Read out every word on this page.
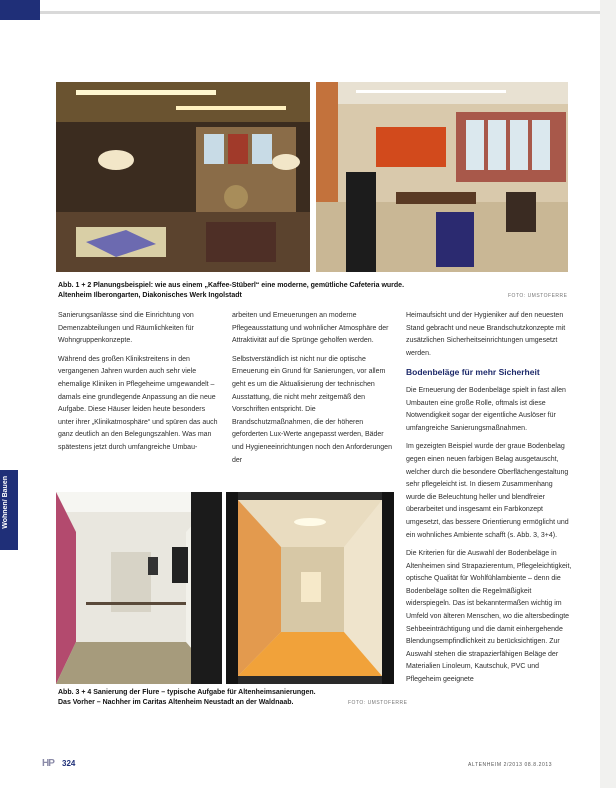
Abb. 1 + 2 Planungsbeispiel: wie aus einem „Kaffee-Stüberl“ eine moderne, gemütliche Cafeteria wurde.
Altenheim Ilberongarten, Diakonisches Werk Ingolstadt	FOTO: UMSTOFERRE

Sanierungsanlässe sind die Einrichtung von Demenzabteilungen und Räumlichkeiten für Wohngruppenkonzepte.

Während des großen Klinikstreitens in den vergangenen Jahren wurden auch sehr viele ehemalige Kliniken in Pflegeheime umgewandelt – damals eine grundlegende Anpassung an die neue Aufgabe. Diese Häuser leiden heute besonders unter ihrer „Klinikatmosphäre“ und spüren das auch ganz deutlich an den Belegungszahlen. Was man spätestens jetzt durch umfangreiche Umbau-

arbeiten und Erneuerungen an moderne Pflegeausstattung und wohnlicher Atmosphäre der Attraktivität auf die Sprünge geholfen werden.

Selbstverständlich ist nicht nur die optische Erneuerung ein Grund für Sanierungen, vor allem geht es um die Aktualisierung der technischen Ausstattung, die nicht mehr zeitgemäß den Vorschriften entspricht. Die Brandschutzmaßnahmen, die der höheren geforderten Lux-Werte angepasst werden, Bäder und Hygieneeinrichtungen noch den Anforderungen der

Heimaufsicht und der Hygieniker auf den neuesten Stand gebracht und neue Brandschutzkonzepte mit zusätzlichen Sicherheitseinrichtungen umgesetzt werden.

Bodenbeläge für mehr Sicherheit

Die Erneuerung der Bodenbeläge spielt in fast allen Umbauten eine große Rolle, oftmals ist diese Notwendigkeit sogar der eigentliche Auslöser für umfangreiche Sanierungsmaßnahmen.

Im gezeigten Beispiel wurde der graue Bodenbelag gegen einen neuen farbigen Belag ausgetauscht, welcher durch die besondere Oberflächengestaltung sehr pflegeleicht ist. In diesem Zusammenhang wurde die Beleuchtung heller und blendfreier überarbeitet und insgesamt ein Farbkonzept umgesetzt, das bessere Orientierung ermöglicht und ein wohnliches Ambiente schafft (s. Abb. 3, 3+4).

Die Kriterien für die Auswahl der Bodenbeläge in Altenheimen sind Strapazierentum, Pflegeleichtigkeit, optische Qualität für Wohlfühlambiente – denn die Bodenbeläge sollten die Regelmäßigkeit widerspiegeln. Das ist bekanntermaßen wichtig im Umfeld von älteren Menschen, wo die altersbedingte Sehbeeinträchtigung und die damit einhergehende Blendungsempfindlichkeit zu berücksichtigen. Zur Auswahl stehen die strapazierfähigen Beläge der Materialien Linoleum, Kautschuk, PVC und Pflegeheim geeignete

Wohnen/ Bauen
Abb. 3 + 4 Sanierung der Flure – typische Aufgabe für Altenheimsanierungen.
Das Vorher – Nachher im Caritas Altenheim Neustadt an der Waldnaab.	FOTO: UMSTOFERRE
HP 324	ALTENHEIM 2/2013 08.8.2013
